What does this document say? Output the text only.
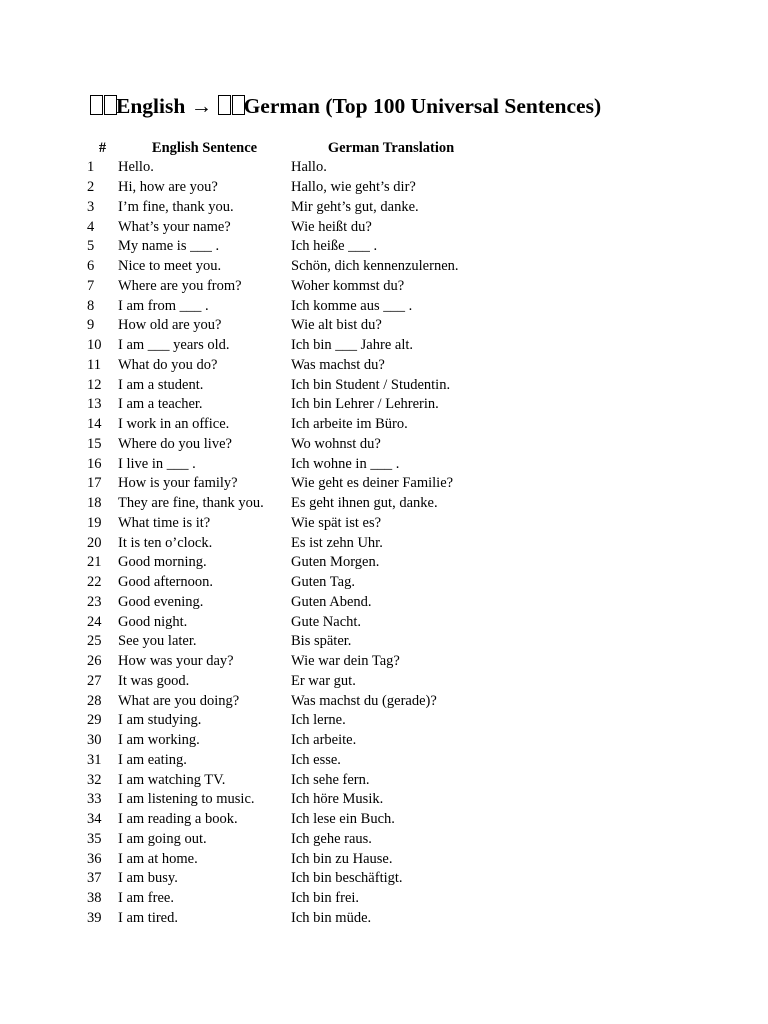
English → German (Top 100 Universal Sentences)
#	English Sentence	German Translation
1	Hello.	Hallo.
2	Hi, how are you?	Hallo, wie geht’s dir?
3	I’m fine, thank you.	Mir geht’s gut, danke.
4	What’s your name?	Wie heißt du?
5	My name is ___ .	Ich heiße ___ .
6	Nice to meet you.	Schön, dich kennenzulernen.
7	Where are you from?	Woher kommst du?
8	I am from ___ .	Ich komme aus ___ .
9	How old are you?	Wie alt bist du?
10	I am ___ years old.	Ich bin ___ Jahre alt.
11	What do you do?	Was machst du?
12	I am a student.	Ich bin Student / Studentin.
13	I am a teacher.	Ich bin Lehrer / Lehrerin.
14	I work in an office.	Ich arbeite im Büro.
15	Where do you live?	Wo wohnst du?
16	I live in ___ .	Ich wohne in ___ .
17	How is your family?	Wie geht es deiner Familie?
18	They are fine, thank you.	Es geht ihnen gut, danke.
19	What time is it?	Wie spät ist es?
20	It is ten o’clock.	Es ist zehn Uhr.
21	Good morning.	Guten Morgen.
22	Good afternoon.	Guten Tag.
23	Good evening.	Guten Abend.
24	Good night.	Gute Nacht.
25	See you later.	Bis später.
26	How was your day?	Wie war dein Tag?
27	It was good.	Er war gut.
28	What are you doing?	Was machst du (gerade)?
29	I am studying.	Ich lerne.
30	I am working.	Ich arbeite.
31	I am eating.	Ich esse.
32	I am watching TV.	Ich sehe fern.
33	I am listening to music.	Ich höre Musik.
34	I am reading a book.	Ich lese ein Buch.
35	I am going out.	Ich gehe raus.
36	I am at home.	Ich bin zu Hause.
37	I am busy.	Ich bin beschäftigt.
38	I am free.	Ich bin frei.
39	I am tired.	Ich bin müde.
